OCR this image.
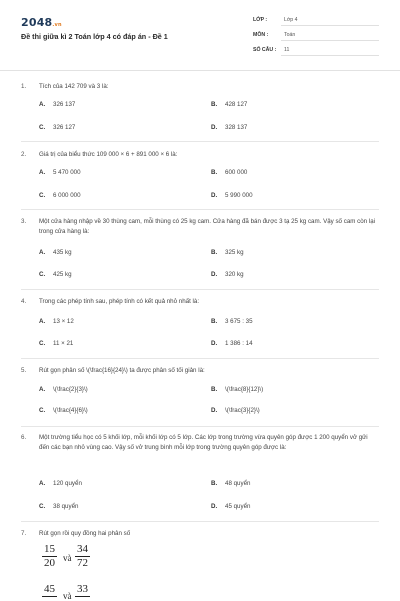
2048.vn
Đề thi giữa kì 2 Toán lớp 4 có đáp án - Đề 1
LỚP :	Lớp 4
MÔN :	Toán
SỐ CÂU : 11
1. Tích của 142 709 và 3 là:
A. 326 137	B. 428 127
C. 326 127	D. 328 137
2. Giá trị của biểu thức 109 000 × 6 + 891 000 × 6 là:
A. 5 470 000	B. 600 000
C. 6 000 000	D. 5 990 000
3. Một cửa hàng nhập về 30 thùng cam, mỗi thùng có 25 kg cam. Cửa hàng đã bán được 3 tạ 25 kg cam. Vậy số cam còn lại trong cửa hàng là:
A. 435 kg	B. 325 kg
C. 425 kg	D. 320 kg
4. Trong các phép tính sau, phép tính có kết quả nhỏ nhất là:
A. 13 × 12	B. 3 675 : 35
C. 11 × 21	D. 1 386 : 14
5. Rút gọn phân số \(\frac{16}{24}\) ta được phân số tối giản là:
A. \(\frac{2}{3}\)	B. \(\frac{8}{12}\)
C. \(\frac{4}{6}\)	D. \(\frac{3}{2}\)
6. Một trường tiểu học có 5 khối lớp, mỗi khối lớp có 5 lớp. Các lớp trong trường vừa quyên góp được 1 200 quyển vở gửi đến các bạn nhỏ vùng cao. Vậy số vở trung bình mỗi lớp trong trường quyên góp được là:
A. 120 quyển	B. 48 quyển
C. 38 quyển	D. 45 quyển
7. Rút gọn rồi quy đồng hai phân số
$\frac{15}{20}$ và $\frac{34}{72}$
45
và
33
